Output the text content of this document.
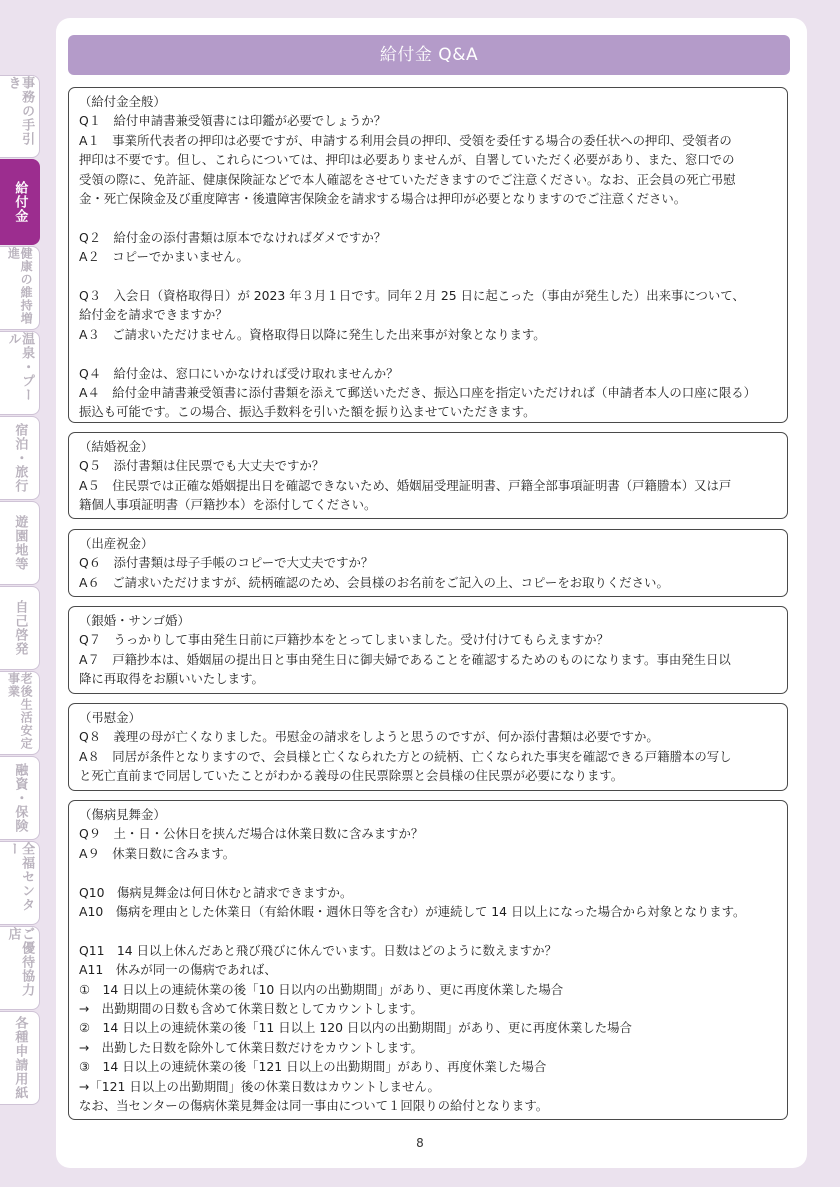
給付金 Q&A
事務の手引き
給付金
健康の維持増進
温泉・プール
宿泊・旅行
遊園地等
自己啓発
老後生活安定事業
融資・保険
全福センター
ご優待協力店
各種申請用紙
（給付金全般）
Q１　給付申請書兼受領書には印鑑が必要でしょうか？
A１　事業所代表者の押印は必要ですが、申請する利用会員の押印、受領を委任する場合の委任状への押印、受領者の
押印は不要です。但し、これらについては、押印は必要ありませんが、自署していただく必要があり、また、窓口での
受領の際に、免許証、健康保険証などで本人確認をさせていただきますのでご注意ください。なお、正会員の死亡弔慰
金・死亡保険金及び重度障害・後遺障害保険金を請求する場合は押印が必要となりますのでご注意ください。
Q２　給付金の添付書類は原本でなければダメですか？
A２　コピーでかまいません。
Q３　入会日（資格取得日）が 2023 年３月１日です。同年２月 25 日に起こった（事由が発生した）出来事について、
給付金を請求できますか？
A３　ご請求いただけません。資格取得日以降に発生した出来事が対象となります。
Q４　給付金は、窓口にいかなければ受け取れませんか？
A４　給付金申請書兼受領書に添付書類を添えて郵送いただき、振込口座を指定いただければ（申請者本人の口座に限る）
振込も可能です。この場合、振込手数料を引いた額を振り込ませていただきます。
（結婚祝金）
Q５　添付書類は住民票でも大丈夫ですか？
A５　住民票では正確な婚姻提出日を確認できないため、婚姻届受理証明書、戸籍全部事項証明書（戸籍謄本）又は戸
籍個人事項証明書（戸籍抄本）を添付してください。
（出産祝金）
Q６　添付書類は母子手帳のコピーで大丈夫ですか？
A６　ご請求いただけますが、続柄確認のため、会員様のお名前をご記入の上、コピーをお取りください。
（銀婚・サンゴ婚）
Q７　うっかりして事由発生日前に戸籍抄本をとってしまいました。受け付けてもらえますか？
A７　戸籍抄本は、婚姻届の提出日と事由発生日に御夫婦であることを確認するためのものになります。事由発生日以
降に再取得をお願いいたします。
（弔慰金）
Q８　義理の母が亡くなりました。弔慰金の請求をしようと思うのですが、何か添付書類は必要ですか。
A８　同居が条件となりますので、会員様と亡くなられた方との続柄、亡くなられた事実を確認できる戸籍謄本の写し
と死亡直前まで同居していたことがわかる義母の住民票除票と会員様の住民票が必要になります。
（傷病見舞金）
Q９　土・日・公休日を挟んだ場合は休業日数に含みますか？
A９　休業日数に含みます。
Q10　傷病見舞金は何日休むと請求できますか。
A10　傷病を理由とした休業日（有給休暇・週休日等を含む）が連続して 14 日以上になった場合から対象となります。
Q11　14 日以上休んだあと飛び飛びに休んでいます。日数はどのように数えますか？
A11　休みが同一の傷病であれば、
①　14 日以上の連続休業の後「10 日以内の出勤期間」があり、更に再度休業した場合
→　出勤期間の日数も含めて休業日数としてカウントします。
②　14 日以上の連続休業の後「11 日以上 120 日以内の出勤期間」があり、更に再度休業した場合
→　出勤した日数を除外して休業日数だけをカウントします。
③　14 日以上の連続休業の後「121 日以上の出勤期間」があり、再度休業した場合
→「121 日以上の出勤期間」後の休業日数はカウントしません。
なお、当センターの傷病休業見舞金は同一事由について１回限りの給付となります。
8
